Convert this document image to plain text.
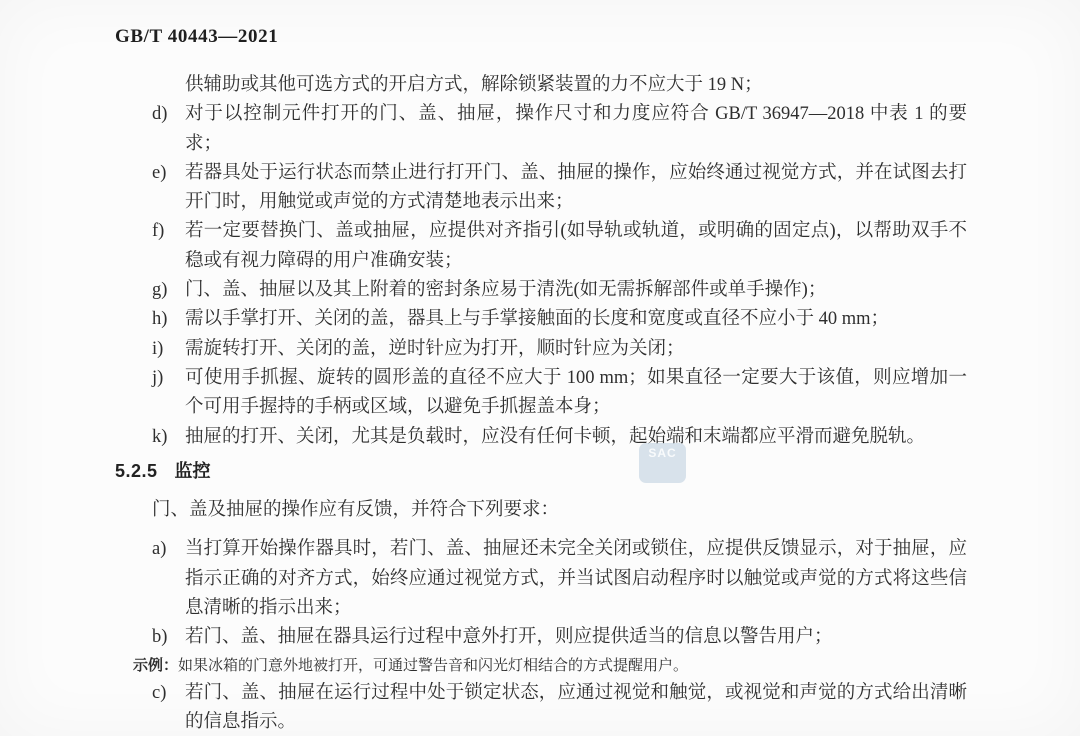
GB/T 40443—2021

供辅助或其他可选方式的开启方式，解除锁紧装置的力不应大于 19 N；

d) 对于以控制元件打开的门、盖、抽屉，操作尺寸和力度应符合 GB/T 36947—2018 中表 1 的要求；
e) 若器具处于运行状态而禁止进行打开门、盖、抽屉的操作，应始终通过视觉方式，并在试图去打开门时，用触觉或声觉的方式清楚地表示出来；
f) 若一定要替换门、盖或抽屉，应提供对齐指引(如导轨或轨道，或明确的固定点)，以帮助双手不稳或有视力障碍的用户准确安装；
g) 门、盖、抽屉以及其上附着的密封条应易于清洗(如无需拆解部件或单手操作)；
h) 需以手掌打开、关闭的盖，器具上与手掌接触面的长度和宽度或直径不应小于 40 mm；
i) 需旋转打开、关闭的盖，逆时针应为打开，顺时针应为关闭；
j) 可使用手抓握、旋转的圆形盖的直径不应大于 100 mm；如果直径一定要大于该值，则应增加一个可用手握持的手柄或区域，以避免手抓握盖本身；
k) 抽屉的打开、关闭，尤其是负载时，应没有任何卡顿，起始端和末端都应平滑而避免脱轨。
5.2.5 监控

门、盖及抽屉的操作应有反馈，并符合下列要求：

a) 当打算开始操作器具时，若门、盖、抽屉还未完全关闭或锁住，应提供反馈显示，对于抽屉，应指示正确的对齐方式，始终应通过视觉方式，并当试图启动程序时以触觉或声觉的方式将这些信息清晰的指示出来；
b) 若门、盖、抽屉在器具运行过程中意外打开，则应提供适当的信息以警告用户；

示例：如果冰箱的门意外地被打开，可通过警告音和闪光灯相结合的方式提醒用户。

c) 若门、盖、抽屉在运行过程中处于锁定状态，应通过视觉和触觉，或视觉和声觉的方式给出清晰的信息指示。
SAC
